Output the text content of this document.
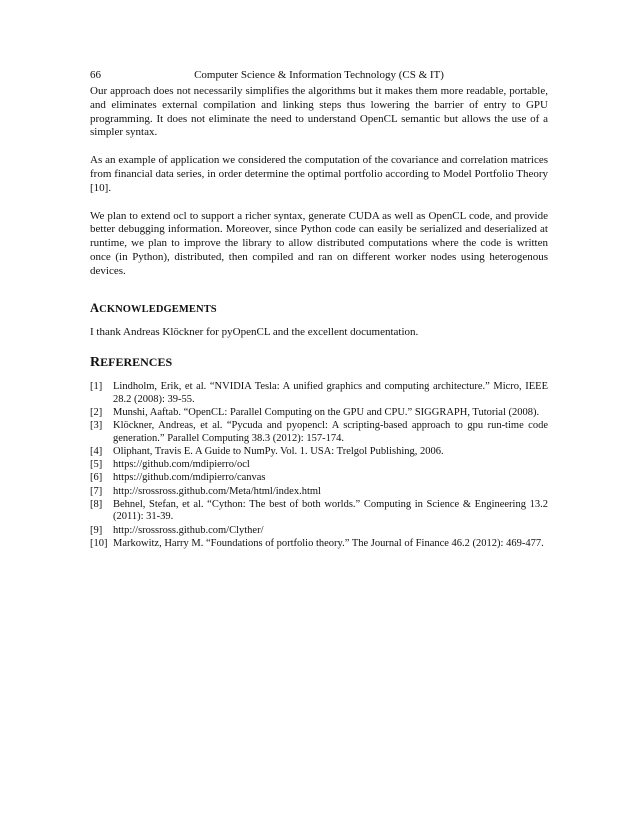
66	Computer Science & Information Technology (CS & IT)

Our approach does not necessarily simplifies the algorithms but it makes them more readable, portable, and eliminates external compilation and linking steps thus lowering the barrier of entry to GPU programming. It does not eliminate the need to understand OpenCL semantic but allows the use of a simpler syntax.

As an example of application we considered the computation of the covariance and correlation matrices from financial data series, in order determine the optimal portfolio according to Model Portfolio Theory [10].

We plan to extend ocl to support a richer syntax, generate CUDA as well as OpenCL code, and provide better debugging information. Moreover, since Python code can easily be serialized and deserialized at runtime, we plan to improve the library to allow distributed computations where the code is written once (in Python), distributed, then compiled and ran on different worker nodes using heterogenous devices.

ACKNOWLEDGEMENTS

I thank Andreas Klöckner for pyOpenCL and the excellent documentation.

REFERENCES
[1]	Lindholm, Erik, et al. “NVIDIA Tesla: A unified graphics and computing architecture.” Micro, IEEE 28.2 (2008): 39-55.
[2]	Munshi, Aaftab. “OpenCL: Parallel Computing on the GPU and CPU.” SIGGRAPH, Tutorial (2008).
[3]	Klöckner, Andreas, et al. “Pycuda and pyopencl: A scripting-based approach to gpu run-time code generation.” Parallel Computing 38.3 (2012): 157-174.
[4]	Oliphant, Travis E. A Guide to NumPy. Vol. 1. USA: Trelgol Publishing, 2006.
[5]	https://github.com/mdipierro/ocl
[6]	https://github.com/mdipierro/canvas
[7]	http://srossross.github.com/Meta/html/index.html
[8]	Behnel, Stefan, et al. “Cython: The best of both worlds.” Computing in Science & Engineering 13.2 (2011): 31-39.
[9]	http://srossross.github.com/Clyther/
[10] Markowitz, Harry M. “Foundations of portfolio theory.” The Journal of Finance 46.2 (2012): 469-477.
